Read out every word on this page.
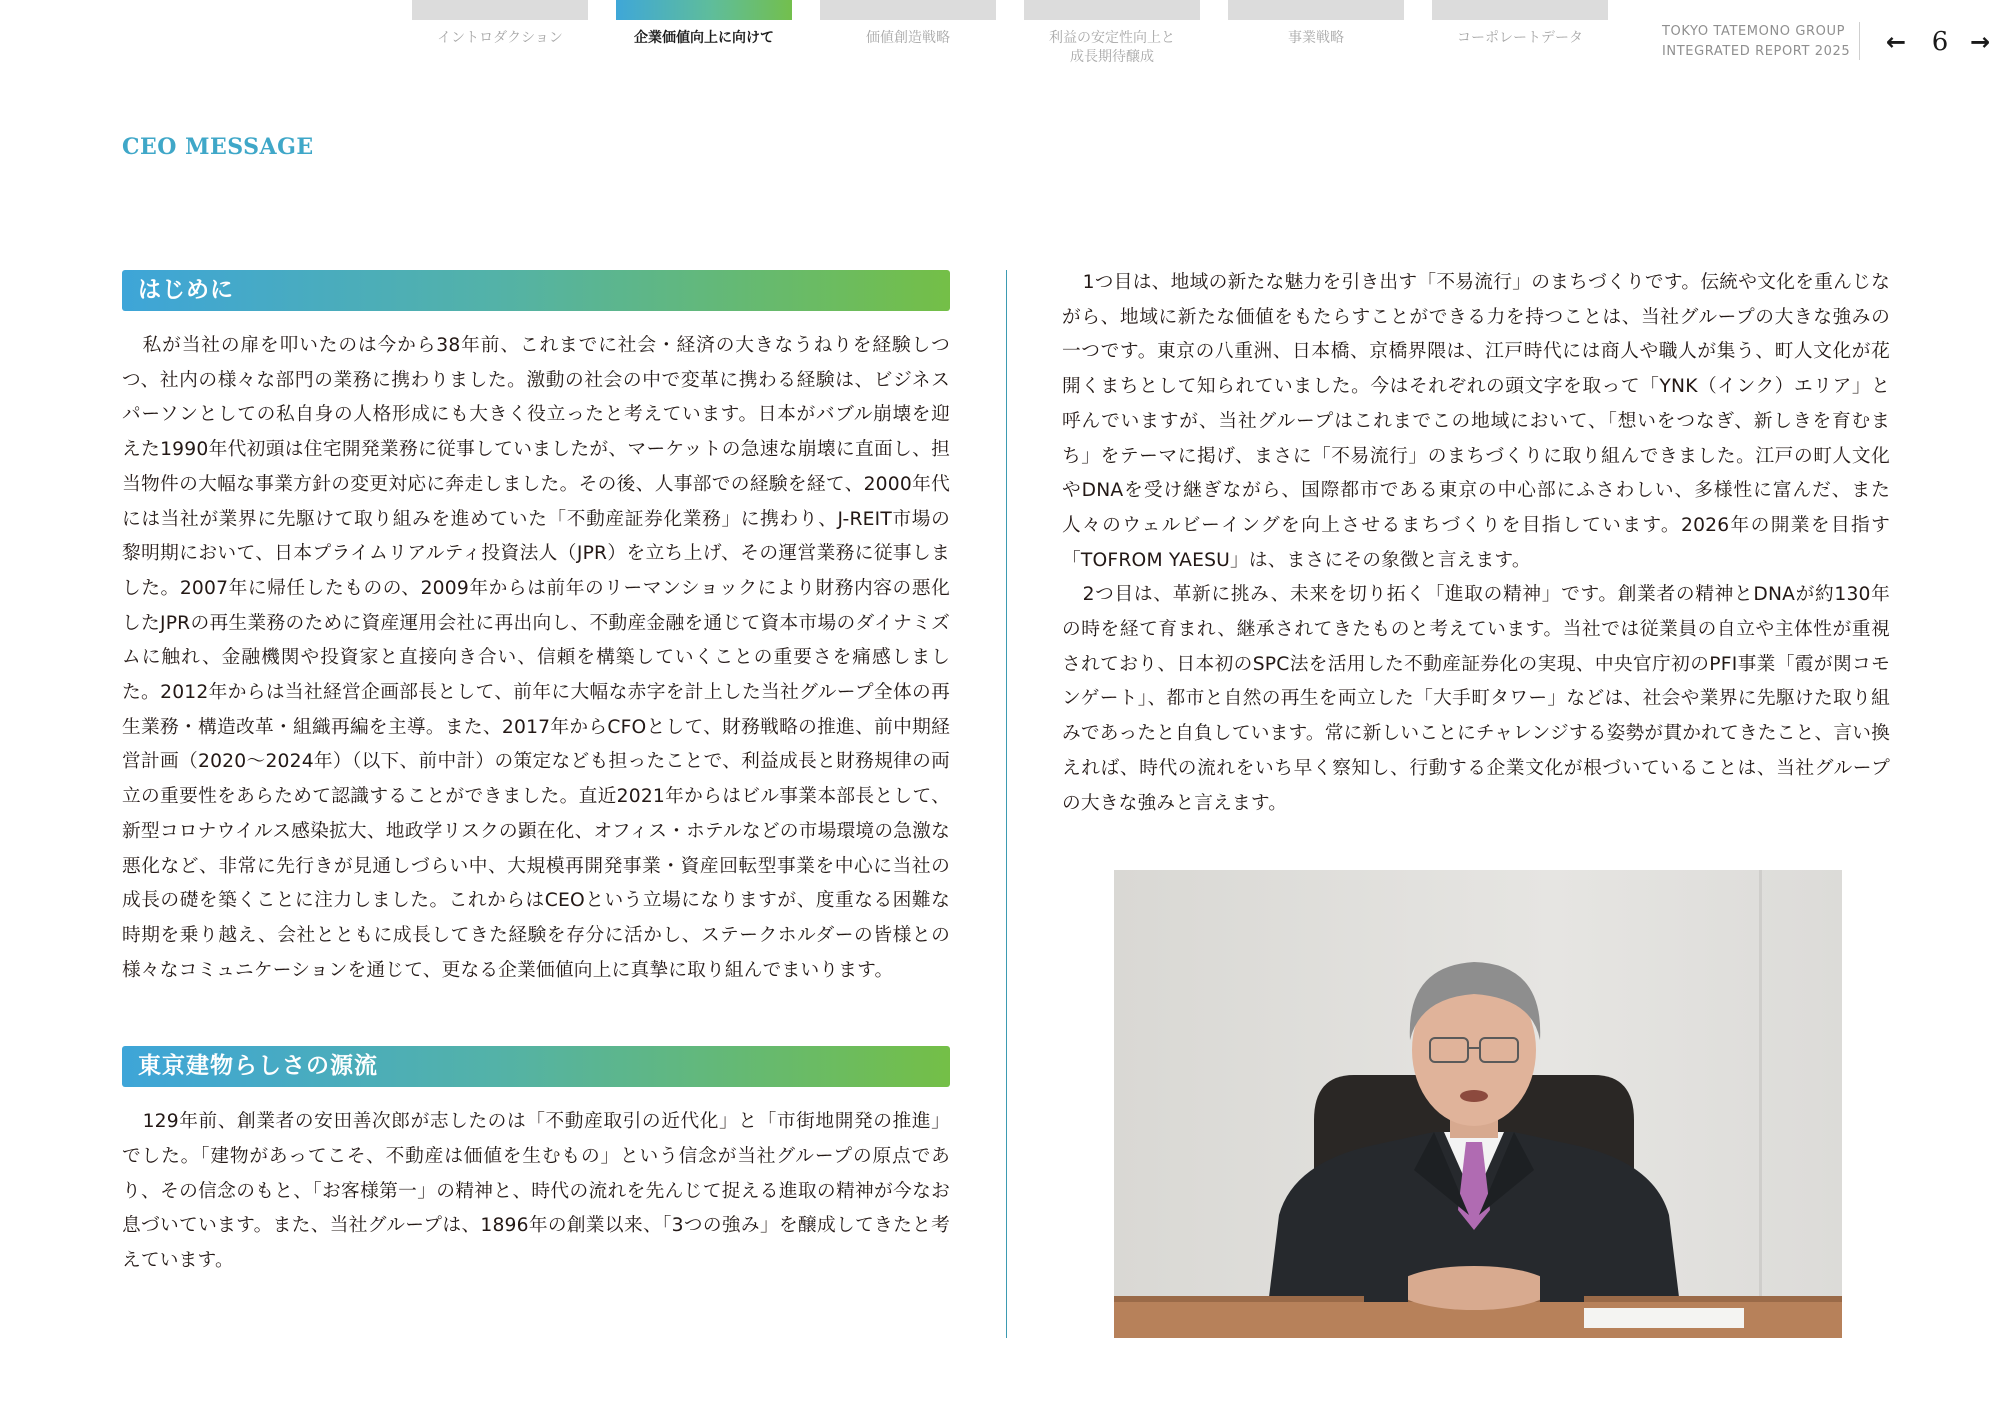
イントロダクション	企業価値向上に向けて	価値創造戦略	利益の安定性向上と
成長期待醸成
事業戦略	コーポレートデータ	TOKYO TATEMONO GROUP
INTEGRATED REPORT 2025 ← 6 →
CEO MESSAGE
はじめに

私が当社の扉を叩いたのは今から38年前、これまでに社会・経済の大きなうねりを経験しつつ、社内の様々な部門の業務に携わりました。激動の社会の中で変革に携わる経験は、ビジネスパーソンとしての私自身の人格形成にも大きく役立ったと考えています。日本がバブル崩壊を迎えた1990年代初頭は住宅開発業務に従事していましたが、マーケットの急速な崩壊に直面し、担当物件の大幅な事業方針の変更対応に奔走しました。その後、人事部での経験を経て、2000年代には当社が業界に先駆けて取り組みを進めていた「不動産証券化業務」に携わり、J-REIT市場の黎明期において、日本プライムリアルティ投資法人（JPR）を立ち上げ、その運営業務に従事しました。2007年に帰任したものの、2009年からは前年のリーマンショックにより財務内容の悪化したJPRの再生業務のために資産運用会社に再出向し、不動産金融を通じて資本市場のダイナミズムに触れ、金融機関や投資家と直接向き合い、信頼を構築していくことの重要さを痛感しました。2012年からは当社経営企画部長として、前年に大幅な赤字を計上した当社グループ全体の再生業務・構造改革・組織再編を主導。また、2017年からCFOとして、財務戦略の推進、前中期経営計画（2020〜2024年）（以下、前中計）の策定なども担ったことで、利益成長と財務規律の両立の重要性をあらためて認識することができました。直近2021年からはビル事業本部長として、新型コロナウイルス感染拡大、地政学リスクの顕在化、オフィス・ホテルなどの市場環境の急激な悪化など、非常に先行きが見通しづらい中、大規模再開発事業・資産回転型事業を中心に当社の成長の礎を築くことに注力しました。これからはCEOという立場になりますが、度重なる困難な時期を乗り越え、会社とともに成長してきた経験を存分に活かし、ステークホルダーの皆様との様々なコミュニケーションを通じて、更なる企業価値向上に真摯に取り組んでまいります。

東京建物らしさの源流

129年前、創業者の安田善次郎が志したのは「不動産取引の近代化」と「市街地開発の推進」でした。「建物があってこそ、不動産は価値を生むもの」という信念が当社グループの原点であり、その信念のもと、「お客様第一」の精神と、時代の流れを先んじて捉える進取の精神が今なお息づいています。また、当社グループは、1896年の創業以来、「3つの強み」を醸成してきたと考えています。

1つ目は、地域の新たな魅力を引き出す「不易流行」のまちづくりです。伝統や文化を重んじながら、地域に新たな価値をもたらすことができる力を持つことは、当社グループの大きな強みの一つです。東京の八重洲、日本橋、京橋界隈は、江戸時代には商人や職人が集う、町人文化が花開くまちとして知られていました。今はそれぞれの頭文字を取って「YNK（インク）エリア」と呼んでいますが、当社グループはこれまでこの地域において、「想いをつなぎ、新しきを育むまち」をテーマに掲げ、まさに「不易流行」のまちづくりに取り組んできました。江戸の町人文化やDNAを受け継ぎながら、国際都市である東京の中心部にふさわしい、多様性に富んだ、また人々のウェルビーイングを向上させるまちづくりを目指しています。2026年の開業を目指す「TOFROM YAESU」は、まさにその象徴と言えます。

2つ目は、革新に挑み、未来を切り拓く「進取の精神」です。創業者の精神とDNAが約130年の時を経て育まれ、継承されてきたものと考えています。当社では従業員の自立や主体性が重視されており、日本初のSPC法を活用した不動産証券化の実現、中央官庁初のPFI事業「霞が関コモンゲート」、都市と自然の再生を両立した「大手町タワー」などは、社会や業界に先駆けた取り組みであったと自負しています。常に新しいことにチャレンジする姿勢が貫かれてきたこと、言い換えれば、時代の流れをいち早く察知し、行動する企業文化が根づいていることは、当社グループの大きな強みと言えます。
